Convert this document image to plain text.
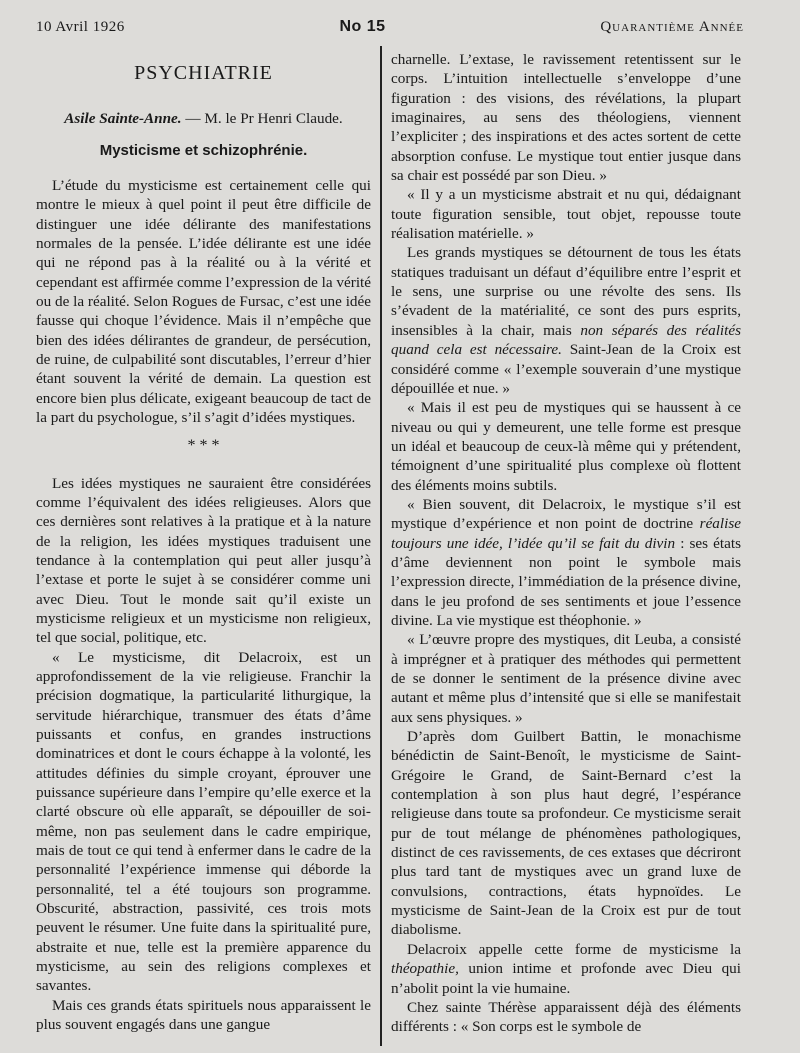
10 Avril 1926	No 15	Quarantième Année
PSYCHIATRIE
Asile Sainte-Anne. — M. le Pr Henri Claude.
Mysticisme et schizophrénie.

L’étude du mysticisme est certainement celle qui montre le mieux à quel point il peut être difficile de distinguer une idée délirante des manifestations normales de la pensée. L’idée délirante est une idée qui ne répond pas à la réalité ou à la vérité et cependant est affirmée comme l’expression de la vérité ou de la réalité. Selon Rogues de Fursac, c’est une idée fausse qui choque l’évidence. Mais il n’empêche que bien des idées délirantes de grandeur, de persécution, de ruine, de culpabilité sont discutables, l’erreur d’hier étant souvent la vérité de demain. La question est encore bien plus délicate, exigeant beaucoup de tact de la part du psychologue, s’il s’agit d’idées mystiques.

* * *

Les idées mystiques ne sauraient être considérées comme l’équivalent des idées religieuses. Alors que ces dernières sont relatives à la pratique et à la nature de la religion, les idées mystiques traduisent une tendance à la contemplation qui peut aller jusqu’à l’extase et porte le sujet à se considérer comme uni avec Dieu. Tout le monde sait qu’il existe un mysticisme religieux et un mysticisme non religieux, tel que social, politique, etc.

« Le mysticisme, dit Delacroix, est un approfondissement de la vie religieuse. Franchir la précision dogmatique, la particularité lithurgique, la servitude hiérarchique, transmuer des états d’âme puissants et confus, en grandes instructions dominatrices et dont le cours échappe à la volonté, les attitudes définies du simple croyant, éprouver une puissance supérieure dans l’empire qu’elle exerce et la clarté obscure où elle apparaît, se dépouiller de soi-même, non pas seulement dans le cadre empirique, mais de tout ce qui tend à enfermer dans le cadre de la personnalité l’expérience immense qui déborde la personnalité, tel a été toujours son programme. Obscurité, abstraction, passivité, ces trois mots peuvent le résumer. Une fuite dans la spiritualité pure, abstraite et nue, telle est la première apparence du mysticisme, au sein des religions complexes et savantes.

Mais ces grands états spirituels nous apparaissent le plus souvent engagés dans une gangue

charnelle. L’extase, le ravissement retentissent sur le corps. L’intuition intellectuelle s’enveloppe d’une figuration : des visions, des révélations, la plupart imaginaires, au sens des théologiens, viennent l’expliciter ; des inspirations et des actes sortent de cette absorption confuse. Le mystique tout entier jusque dans sa chair est possédé par son Dieu. »

« Il y a un mysticisme abstrait et nu qui, dédaignant toute figuration sensible, tout objet, repousse toute réalisation matérielle. »

Les grands mystiques se détournent de tous les états statiques traduisant un défaut d’équilibre entre l’esprit et le sens, une surprise ou une révolte des sens. Ils s’évadent de la matérialité, ce sont des purs esprits, insensibles à la chair, mais non séparés des réalités quand cela est nécessaire. Saint-Jean de la Croix est considéré comme « l’exemple souverain d’une mystique dépouillée et nue. »

« Mais il est peu de mystiques qui se haussent à ce niveau ou qui y demeurent, une telle forme est presque un idéal et beaucoup de ceux-là même qui y prétendent, témoignent d’une spiritualité plus complexe où flottent des éléments moins subtils.

« Bien souvent, dit Delacroix, le mystique s’il est mystique d’expérience et non point de doctrine réalise toujours une idée, l’idée qu’il se fait du divin : ses états d’âme deviennent non point le symbole mais l’expression directe, l’immédiation de la présence divine, dans le jeu profond de ses sentiments et joue l’essence divine. La vie mystique est théophonie. »

« L’œuvre propre des mystiques, dit Leuba, a consisté à imprégner et à pratiquer des méthodes qui permettent de se donner le sentiment de la présence divine avec autant et même plus d’intensité que si elle se manifestait aux sens physiques. »

D’après dom Guilbert Battin, le monachisme bénédictin de Saint-Benoît, le mysticisme de Saint-Grégoire le Grand, de Saint-Bernard c’est la contemplation à son plus haut degré, l’espérance religieuse dans toute sa profondeur. Ce mysticisme serait pur de tout mélange de phénomènes pathologiques, distinct de ces ravissements, de ces extases que décriront plus tard tant de mystiques avec un grand luxe de convulsions, contractions, états hypnoïdes. Le mysticisme de Saint-Jean de la Croix est pur de tout diabolisme.

Delacroix appelle cette forme de mysticisme la théopathie, union intime et profonde avec Dieu qui n’abolit point la vie humaine.

Chez sainte Thérèse apparaissent déjà des éléments différents : « Son corps est le symbole de
